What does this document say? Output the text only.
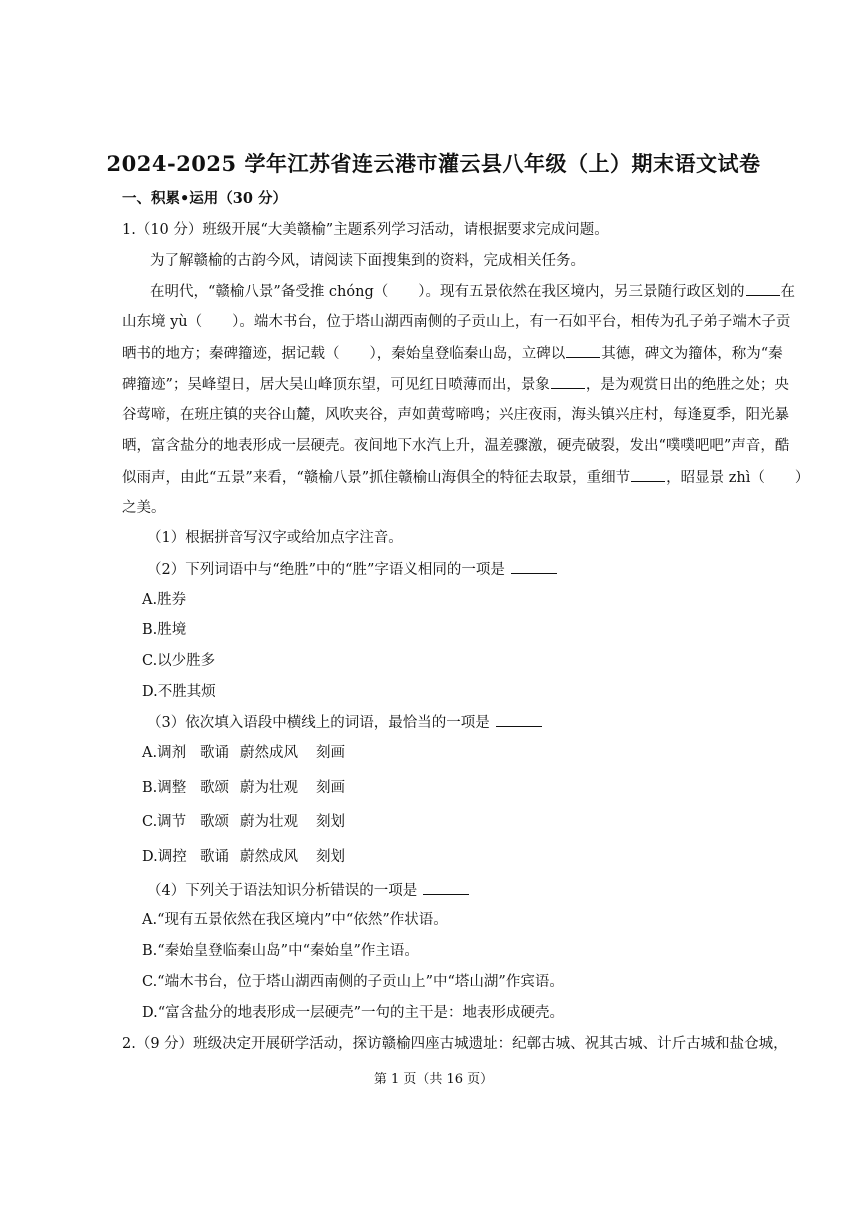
2024-2025 学年江苏省连云港市灌云县八年级（上）期末语文试卷
一、积累•运用（30 分）
1.（10 分）班级开展“大美赣榆”主题系列学习活动，请根据要求完成问题。
为了解赣榆的古韵今风，请阅读下面搜集到的资料，完成相关任务。
在明代，“赣榆八景”备受推 chóng（ ）。现有五景依然在我区境内，另三景随行政区划的 在
山东境 yù（ ）。端木书台，位于塔山湖西南侧的子贡山上，有一石如平台，相传为孔子弟子端木子贡
晒书的地方；秦碑籀迹，据记载（ ），秦始皇登临秦山岛，立碑以 其德，碑文为籀体，称为“秦
碑籀迹”；吴峰望日，居大吴山峰顶东望，可见红日喷薄而出，景象 ，是为观赏日出的绝胜之处；央
谷莺啼，在班庄镇的夹谷山麓，风吹夹谷，声如黄莺啼鸣；兴庄夜雨，海头镇兴庄村，每逢夏季，阳光暴
晒，富含盐分的地表形成一层硬壳。夜间地下水汽上升，温差骤激，硬壳破裂，发出“噗噗吧吧”声音，酷
似雨声，由此“五景”来看，“赣榆八景”抓住赣榆山海俱全的特征去取景，重细节 ，昭显景 zhì（ ）
之美。
（1）根据拼音写汉字或给加点字注音。
（2）下列词语中与“绝胜”中的“胜”字语义相同的一项是
A.胜券
B.胜境
C.以少胜多
D.不胜其烦
（3）依次填入语段中横线上的词语，最恰当的一项是
A.调剂 歌诵 蔚然成风 刻画
B.调整 歌颂 蔚为壮观 刻画
C.调节 歌颂 蔚为壮观 刻划
D.调控 歌诵 蔚然成风 刻划
（4）下列关于语法知识分析错误的一项是
A.“现有五景依然在我区境内”中“依然”作状语。
B.“秦始皇登临秦山岛”中“秦始皇”作主语。
C.“端木书台，位于塔山湖西南侧的子贡山上”中“塔山湖”作宾语。
D.“富含盐分的地表形成一层硬壳”一句的主干是：地表形成硬壳。
2.（9 分）班级决定开展研学活动，探访赣榆四座古城遗址：纪鄣古城、祝其古城、计斤古城和盐仓城，
第 1 页（共 16 页）
